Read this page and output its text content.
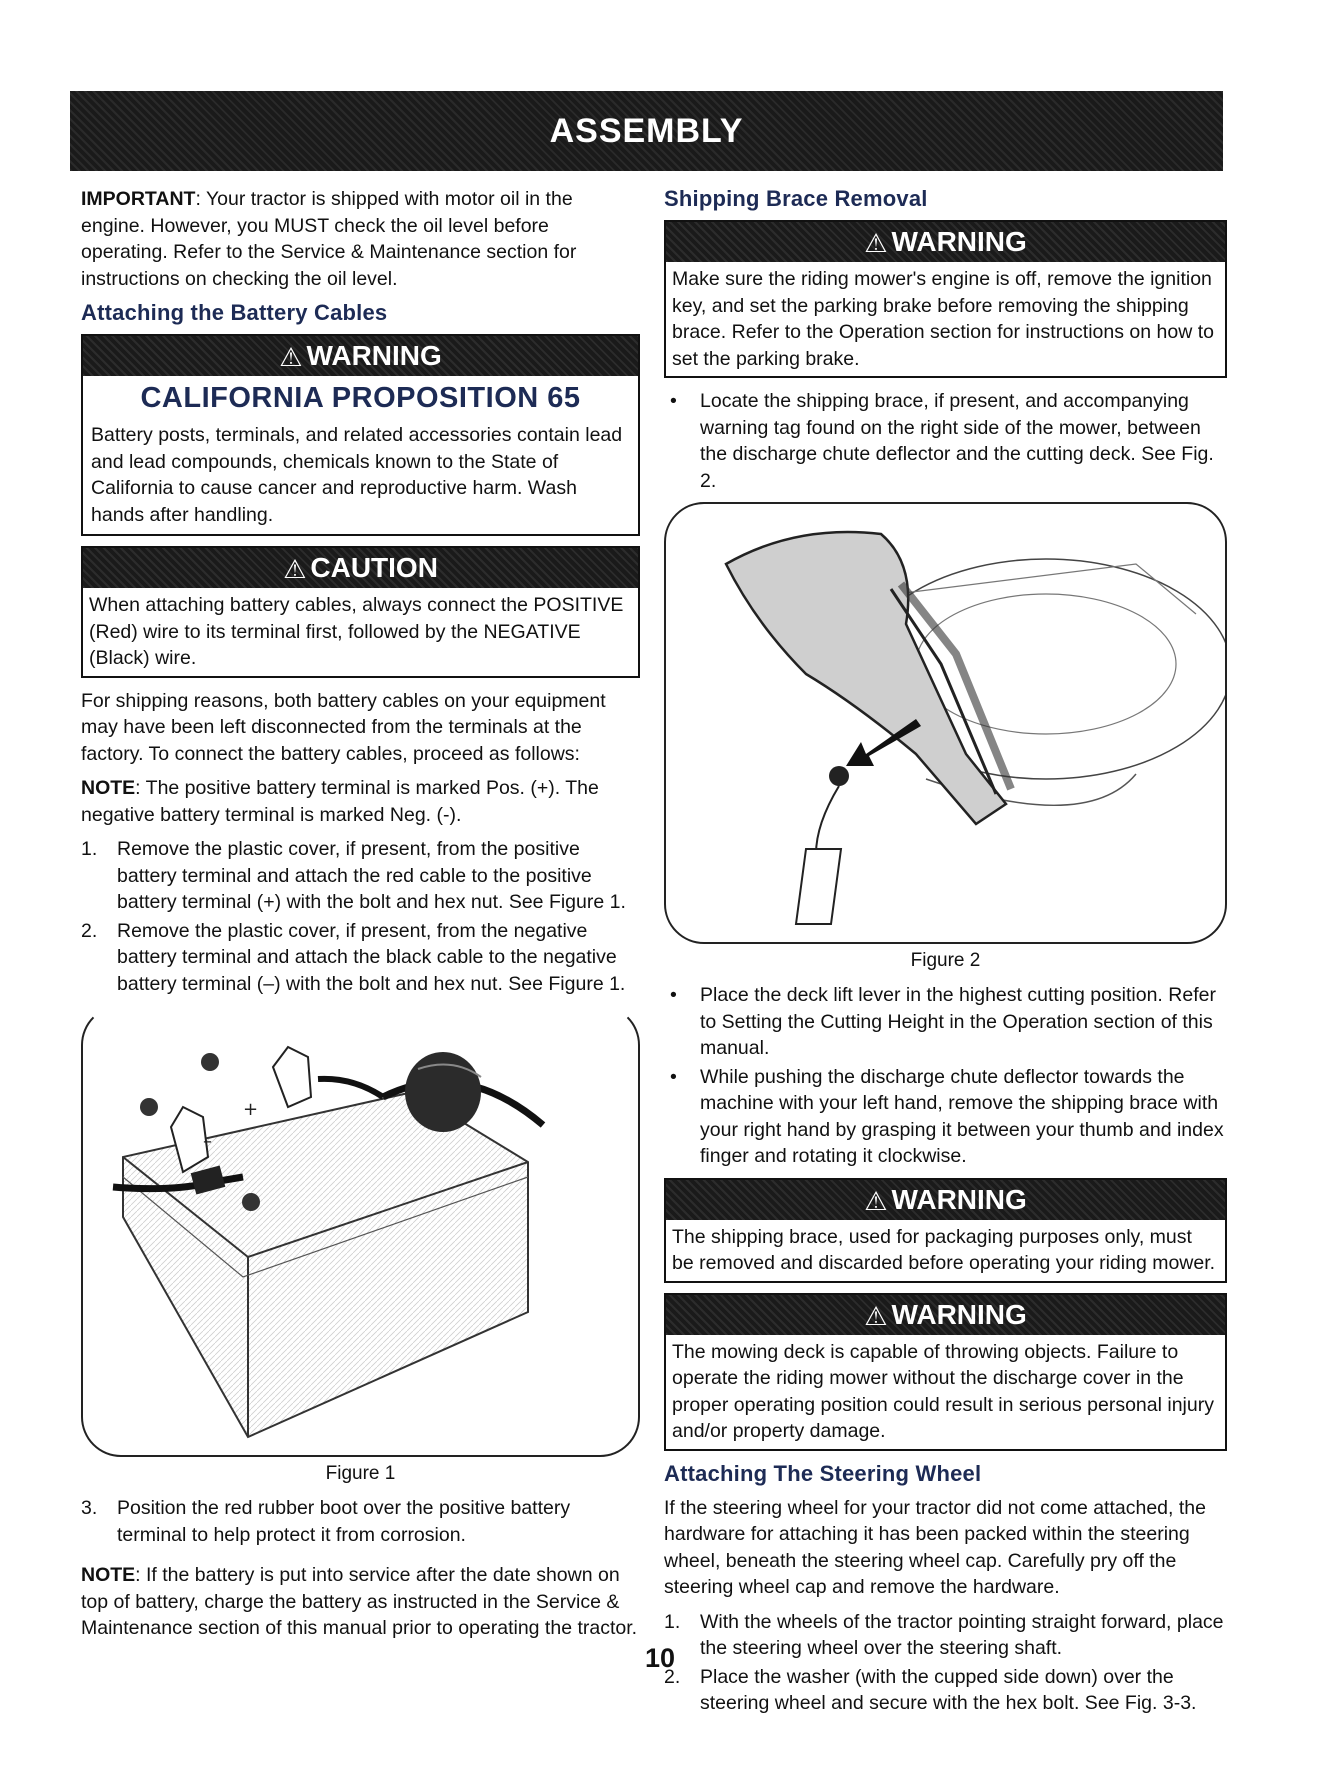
ASSEMBLY

IMPORTANT: Your tractor is shipped with motor oil in the engine. However, you MUST check the oil level before operating. Refer to the Service & Maintenance section for instructions on checking the oil level.

Attaching the Battery Cables
⚠ WARNING
CALIFORNIA PROPOSITION 65
Battery posts, terminals, and related accessories contain lead and lead compounds, chemicals known to the State of California to cause cancer and reproductive harm. Wash hands after handling.
⚠ CAUTION
When attaching battery cables, always connect the POSITIVE (Red) wire to its terminal first, followed by the NEGATIVE (Black) wire.

For shipping reasons, both battery cables on your equipment may have been left disconnected from the terminals at the factory. To connect the battery cables, proceed as follows:

NOTE: The positive battery terminal is marked Pos. (+). The negative battery terminal is marked Neg. (-).

1. Remove the plastic cover, if present, from the positive battery terminal and attach the red cable to the positive battery terminal (+) with the bolt and hex nut. See Figure 1.
2. Remove the plastic cover, if present, from the negative battery terminal and attach the black cable to the negative battery terminal (–) with the bolt and hex nut. See Figure 1.
+
–
Figure 1
3. Position the red rubber boot over the positive battery terminal to help protect it from corrosion.

NOTE: If the battery is put into service after the date shown on top of battery, charge the battery as instructed in the Service & Maintenance section of this manual prior to operating the tractor.

Shipping Brace Removal
⚠ WARNING
Make sure the riding mower's engine is off, remove the ignition key, and set the parking brake before removing the shipping brace. Refer to the Operation section for instructions on how to set the parking brake.
• Locate the shipping brace, if present, and accompanying warning tag found on the right side of the mower, between the discharge chute deflector and the cutting deck. See Fig. 2.
Figure 2
• Place the deck lift lever in the highest cutting position. Refer to Setting the Cutting Height in the Operation section of this manual.
• While pushing the discharge chute deflector towards the machine with your left hand, remove the shipping brace with your right hand by grasping it between your thumb and index finger and rotating it clockwise.
⚠ WARNING
The shipping brace, used for packaging purposes only, must be removed and discarded before operating your riding mower.
⚠ WARNING
The mowing deck is capable of throwing objects. Failure to operate the riding mower without the discharge cover in the proper operating position could result in serious personal injury and/or property damage.
Attaching The Steering Wheel

If the steering wheel for your tractor did not come attached, the hardware for attaching it has been packed within the steering wheel, beneath the steering wheel cap. Carefully pry off the steering wheel cap and remove the hardware.

1. With the wheels of the tractor pointing straight forward, place the steering wheel over the steering shaft.
2. Place the washer (with the cupped side down) over the steering wheel and secure with the hex bolt. See Fig. 3-3.
10
